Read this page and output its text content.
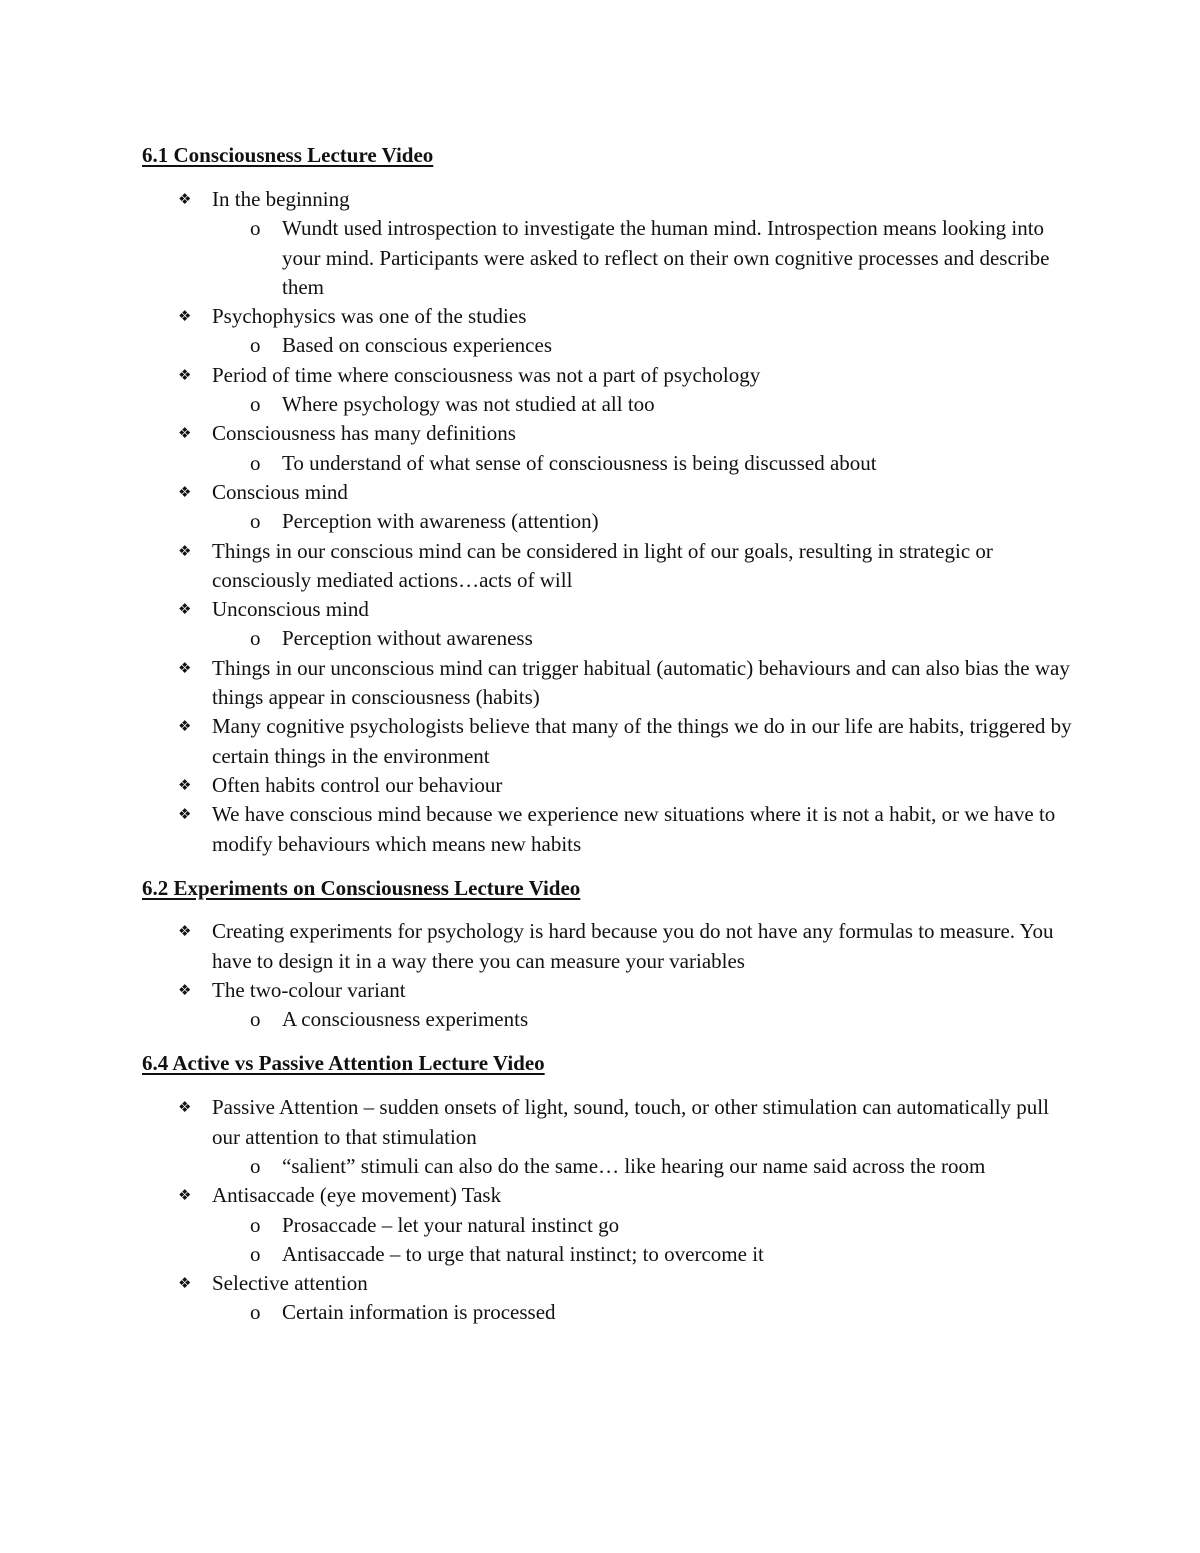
6.1 Consciousness Lecture Video
❖ In the beginning
o Wundt used introspection to investigate the human mind. Introspection means looking into your mind. Participants were asked to reflect on their own cognitive processes and describe them
❖ Psychophysics was one of the studies
o Based on conscious experiences
❖ Period of time where consciousness was not a part of psychology
o Where psychology was not studied at all too
❖ Consciousness has many definitions
o To understand of what sense of consciousness is being discussed about
❖ Conscious mind
o Perception with awareness (attention)
❖ Things in our conscious mind can be considered in light of our goals, resulting in strategic or consciously mediated actions…acts of will
❖ Unconscious mind
o Perception without awareness
❖ Things in our unconscious mind can trigger habitual (automatic) behaviours and can also bias the way things appear in consciousness (habits)
❖ Many cognitive psychologists believe that many of the things we do in our life are habits, triggered by certain things in the environment
❖ Often habits control our behaviour
❖ We have conscious mind because we experience new situations where it is not a habit, or we have to modify behaviours which means new habits
6.2 Experiments on Consciousness Lecture Video
❖ Creating experiments for psychology is hard because you do not have any formulas to measure. You have to design it in a way there you can measure your variables
❖ The two-colour variant
o A consciousness experiments
6.4 Active vs Passive Attention Lecture Video
❖ Passive Attention – sudden onsets of light, sound, touch, or other stimulation can automatically pull our attention to that stimulation
o “salient” stimuli can also do the same… like hearing our name said across the room
❖ Antisaccade (eye movement) Task
o Prosaccade – let your natural instinct go
o Antisaccade – to urge that natural instinct; to overcome it
❖ Selective attention
o Certain information is processed
